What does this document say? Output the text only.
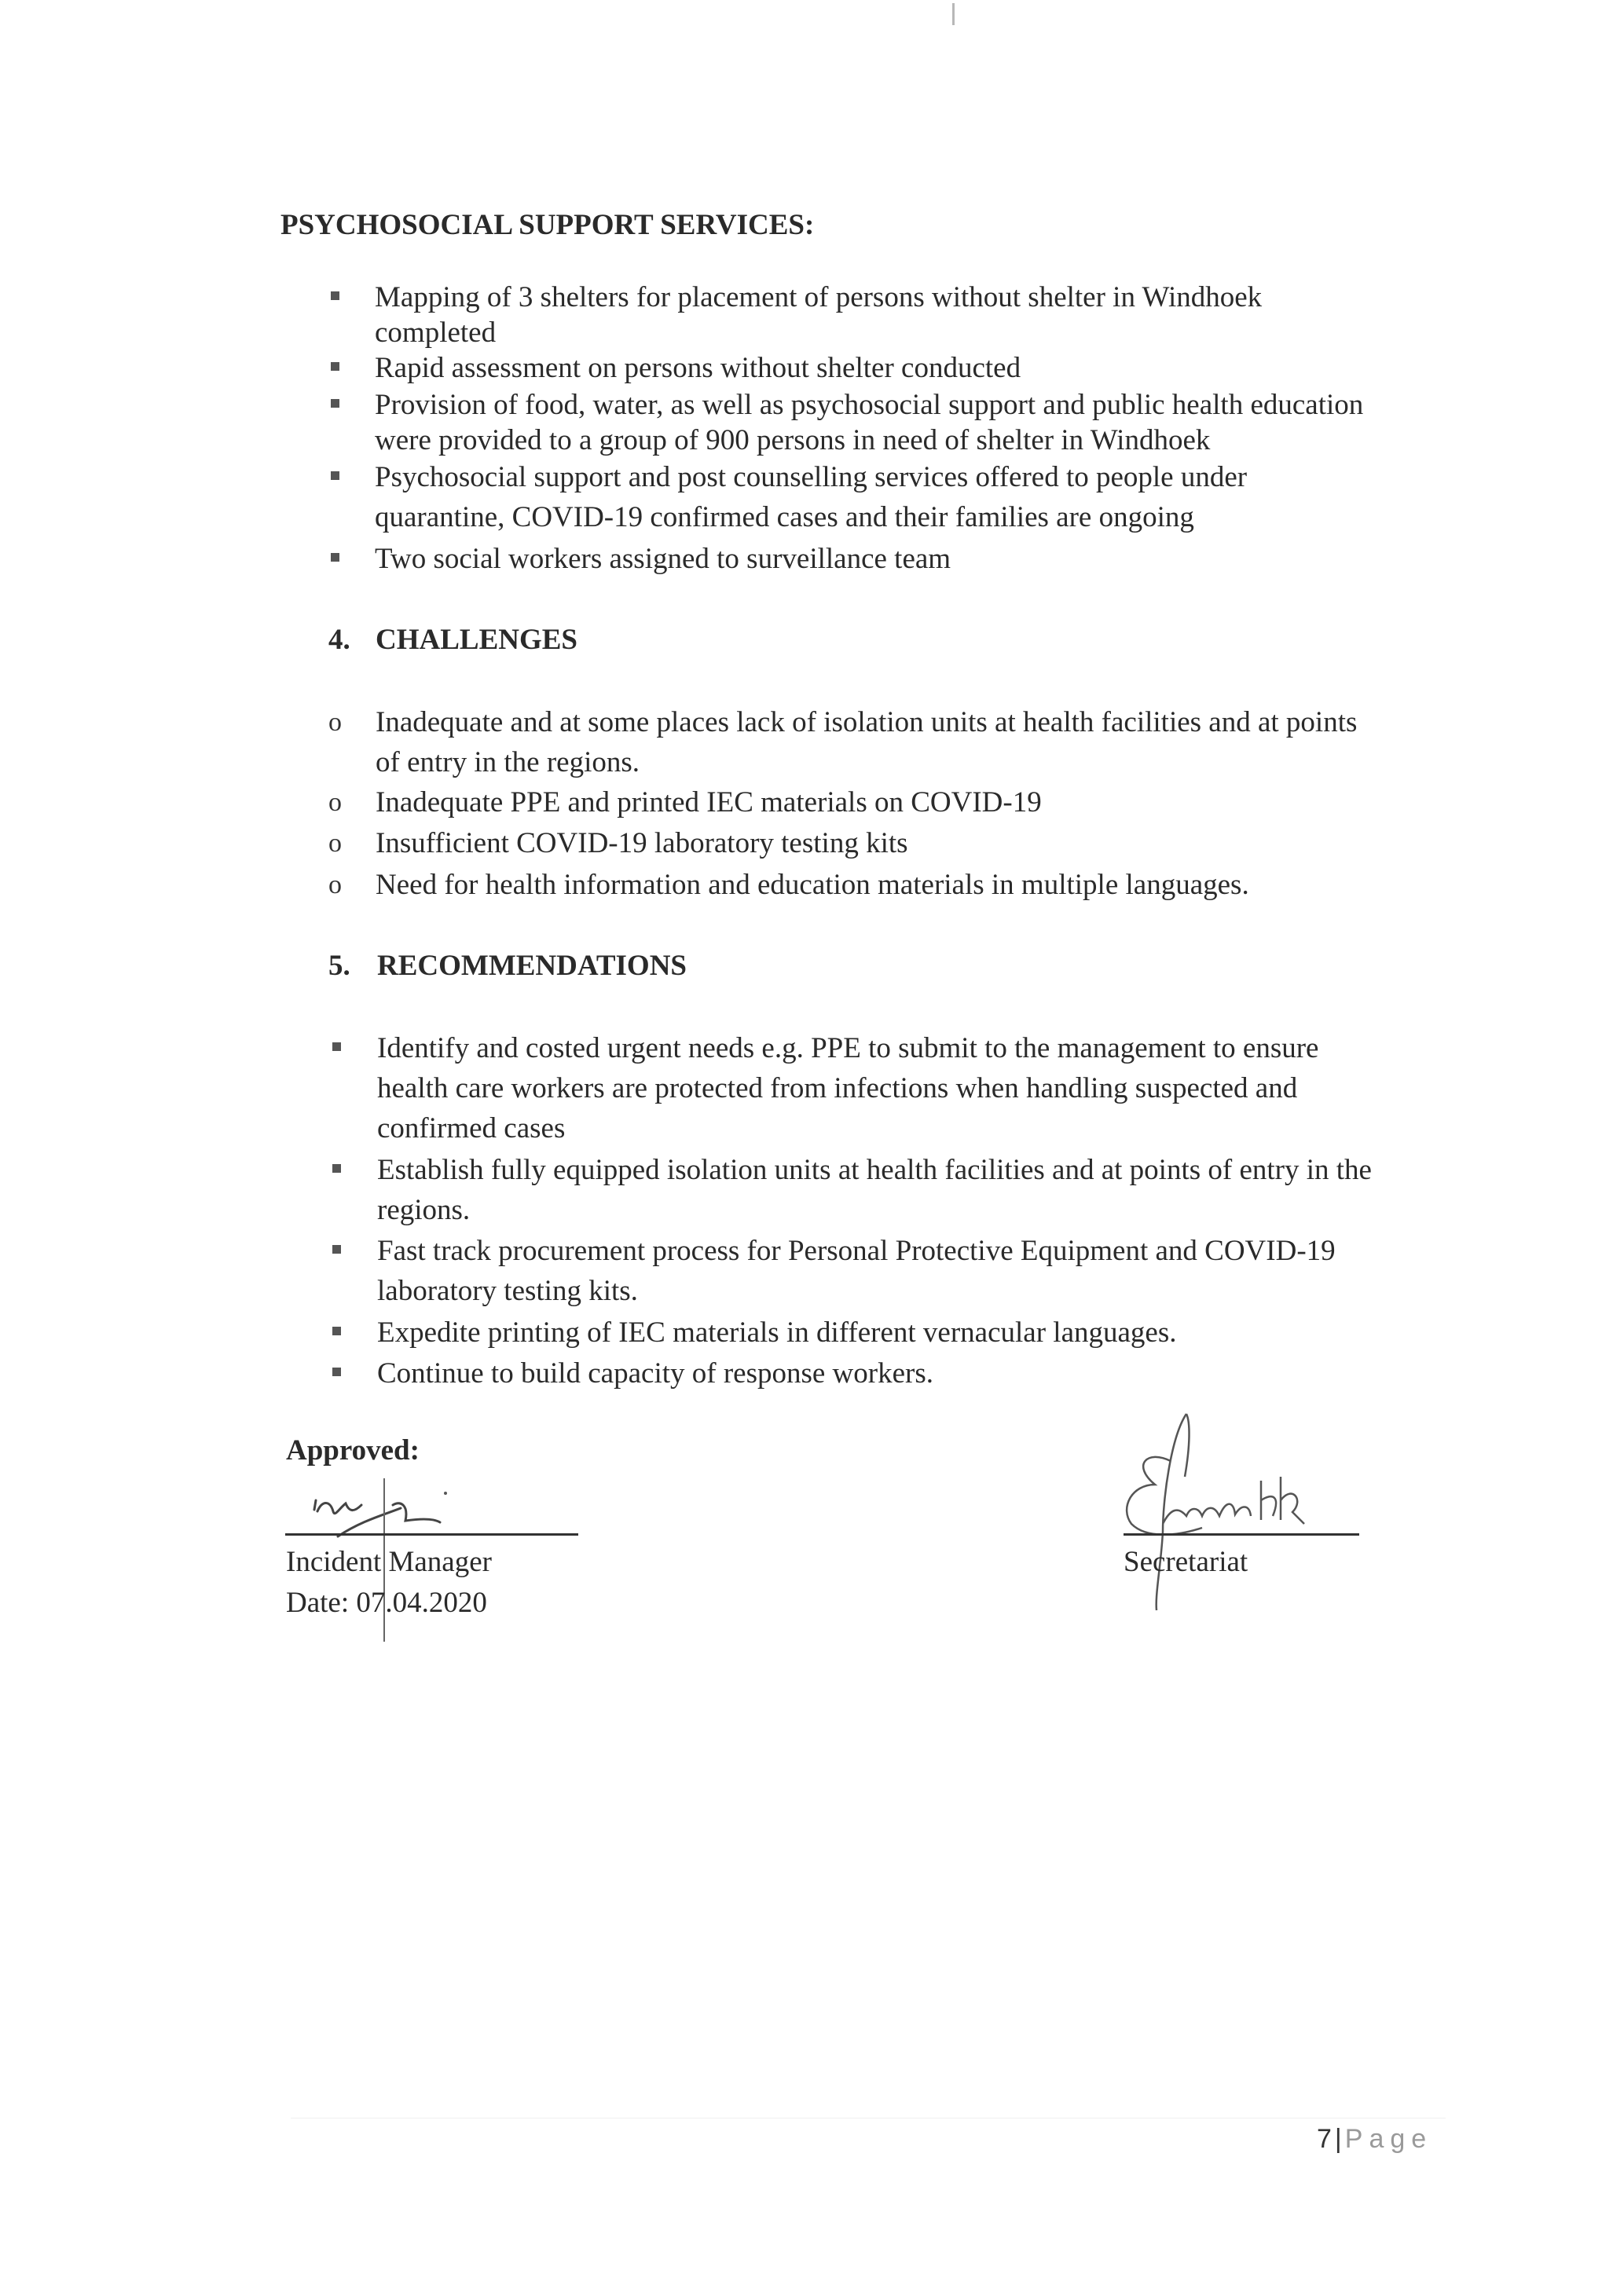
PSYCHOSOCIAL SUPPORT SERVICES:
Mapping of 3 shelters for placement of persons without shelter in Windhoek
completed
Rapid assessment on persons without shelter conducted
Provision of food, water, as well as psychosocial support and public health education
were provided to a group of 900 persons in need of shelter in Windhoek
Psychosocial support and post counselling services offered to people under
quarantine, COVID-19 confirmed cases and their families are ongoing
Two social workers assigned to surveillance team
4. CHALLENGES
o Inadequate and at some places lack of isolation units at health facilities and at points
of entry in the regions.
o Inadequate PPE and printed IEC materials on COVID-19
o Insufficient COVID-19 laboratory testing kits
o Need for health information and education materials in multiple languages.
5. RECOMMENDATIONS
Identify and costed urgent needs e.g. PPE to submit to the management to ensure
health care workers are protected from infections when handling suspected and
confirmed cases
Establish fully equipped isolation units at health facilities and at points of entry in the
regions.
Fast track procurement process for Personal Protective Equipment and COVID-19
laboratory testing kits.
Expedite printing of IEC materials in different vernacular languages.
Continue to build capacity of response workers.
Approved:
Incident Manager
Date: 07.04.2020
Secretariat
7 | Page
